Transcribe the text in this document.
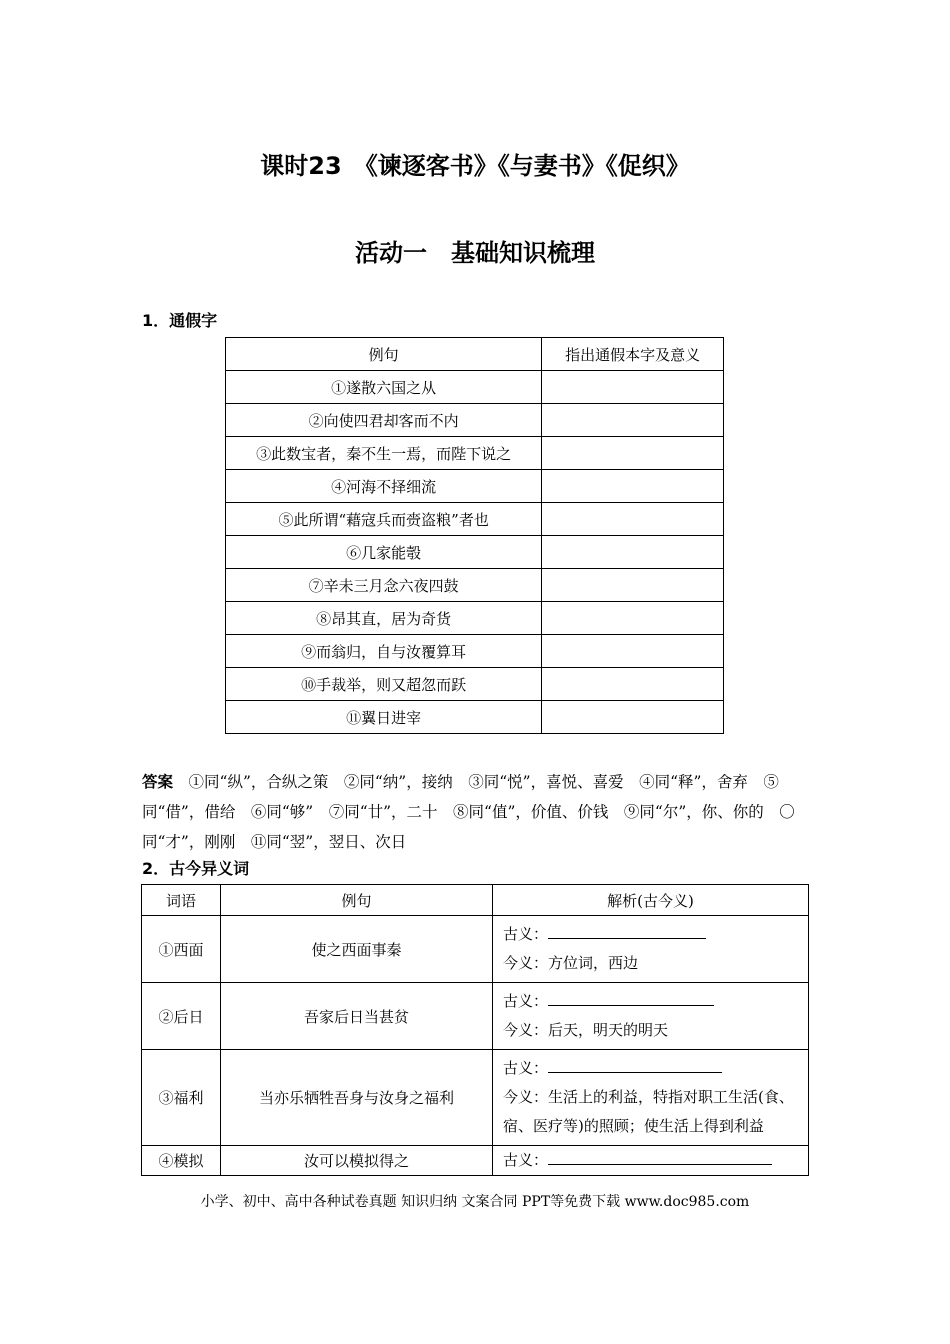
课时23　《谏逐客书》《与妻书》《促织》
活动一　基础知识梳理
1．通假字
例句	指出通假本字及意义
①遂散六国之从	
②向使四君却客而不内	
③此数宝者，秦不生一焉，而陛下说之	
④河海不择细流	
⑤此所谓“藉寇兵而赍盗粮”者也	
⑥几家能彀	
⑦辛未三月念六夜四鼓	
⑧昂其直，居为奇货	
⑨而翁归，自与汝覆算耳	
⑩手裁举，则又超忽而跃	
⑪翼日进宰	
答案　 ①同“纵”，合纵之策　②同“纳”，接纳　③同“悦”，喜悦、喜爱　④同“释”，舍弃　⑤同“借”，借给　⑥同“够”　⑦同“廿”，二十　⑧同“值”，价值、价钱　⑨同“尔”，你、你的　〇同“才”，刚刚　⑪同“翌”，翌日、次日
2．古今异义词
词语	例句	解析(古今义)
①西面	使之西面事秦	古义：
今义：方位词，西边

②后日	吾家后日当甚贫	古义：
今义：后天，明天的明天

③福利	当亦乐牺牲吾身与汝身之福利	古义：
今义：生活上的利益，特指对职工生活(食、宿、医疗等)的照顾；使生活上得到利益

④模拟	汝可以模拟得之	古义：
小学、初中、高中各种试卷真题 知识归纳 文案合同 PPT等免费下载 www.doc985.com
